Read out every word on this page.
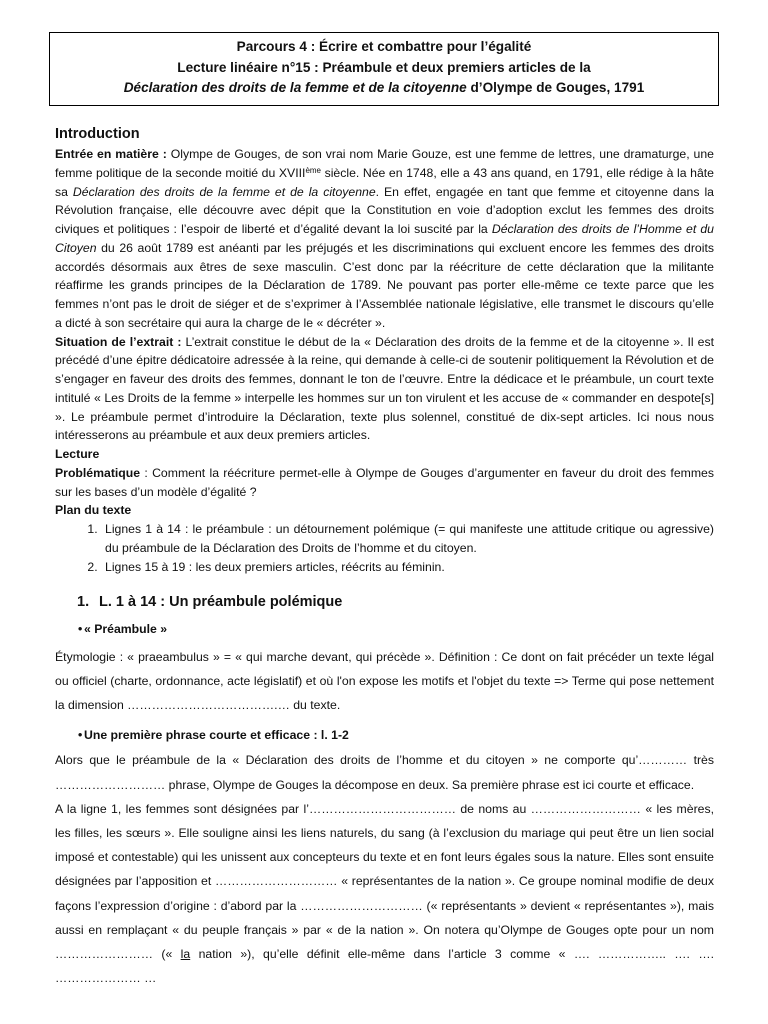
Parcours 4 : Écrire et combattre pour l’égalité
Lecture linéaire n°15 : Préambule et deux premiers articles de la
Déclaration des droits de la femme et de la citoyenne d’Olympe de Gouges, 1791
Introduction

Entrée en matière : Olympe de Gouges, de son vrai nom Marie Gouze, est une femme de lettres, une dramaturge, une femme politique de la seconde moitié du XVIIIème siècle. Née en 1748, elle a 43 ans quand, en 1791, elle rédige à la hâte sa Déclaration des droits de la femme et de la citoyenne. En effet, engagée en tant que femme et citoyenne dans la Révolution française, elle découvre avec dépit que la Constitution en voie d’adoption exclut les femmes des droits civiques et politiques : l’espoir de liberté et d’égalité devant la loi suscité par la Déclaration des droits de l’Homme et du Citoyen du 26 août 1789 est anéanti par les préjugés et les discriminations qui excluent encore les femmes des droits accordés désormais aux êtres de sexe masculin. C’est donc par la réécriture de cette déclaration que la militante réaffirme les grands principes de la Déclaration de 1789. Ne pouvant pas porter elle-même ce texte parce que les femmes n’ont pas le droit de siéger et de s’exprimer à l’Assemblée nationale législative, elle transmet le discours qu’elle a dicté à son secrétaire qui aura la charge de le « décréter ».

Situation de l’extrait : L’extrait constitue le début de la « Déclaration des droits de la femme et de la citoyenne ». Il est précédé d’une épitre dédicatoire adressée à la reine, qui demande à celle-ci de soutenir politiquement la Révolution et de s’engager en faveur des droits des femmes, donnant le ton de l’œuvre. Entre la dédicace et le préambule, un court texte intitulé « Les Droits de la femme » interpelle les hommes sur un ton virulent et les accuse de « commander en despote[s] ». Le préambule permet d’introduire la Déclaration, texte plus solennel, constitué de dix-sept articles. Ici nous nous intéresserons au préambule et aux deux premiers articles.

Lecture

Problématique : Comment la réécriture permet-elle à Olympe de Gouges d’argumenter en faveur du droit des femmes sur les bases d’un modèle d’égalité ?

Plan du texte

1. Lignes 1 à 14 : le préambule : un détournement polémique (= qui manifeste une attitude critique ou agressive) du préambule de la Déclaration des Droits de l’homme et du citoyen.
2. Lignes 15 à 19 : les deux premiers articles, réécrits au féminin.
1. L. 1 à 14 : Un préambule polémique

• « Préambule »

Étymologie : « praeambulus » = « qui marche devant, qui précède ». Définition : Ce dont on fait précéder un texte légal ou officiel (charte, ordonnance, acte législatif) et où l'on expose les motifs et l'objet du texte => Terme qui pose nettement la dimension ……………………………….… du texte.

• Une première phrase courte et efficace : l. 1-2

Alors que le préambule de la « Déclaration des droits de l’homme et du citoyen » ne comporte qu’………… très ……………………… phrase, Olympe de Gouges la décompose en deux. Sa première phrase est ici courte et efficace.

A la ligne 1, les femmes sont désignées par l’……………………………… de noms au ……………………… « les mères, les filles, les sœurs ». Elle souligne ainsi les liens naturels, du sang (à l’exclusion du mariage qui peut être un lien social imposé et contestable) qui les unissent aux concepteurs du texte et en font leurs égales sous la nature. Elles sont ensuite désignées par l’apposition et ………………………… « représentantes de la nation ». Ce groupe nominal modifie de deux façons l’expression d’origine : d’abord par la ………………………… (« représentants » devient « représentantes »), mais aussi en remplaçant « du peuple français » par « de la nation ». On notera qu’Olympe de Gouges opte pour un nom …………………… (« la nation »), qu’elle définit elle-même dans l’article 3 comme « …. …………….. …. …. ………………… …
